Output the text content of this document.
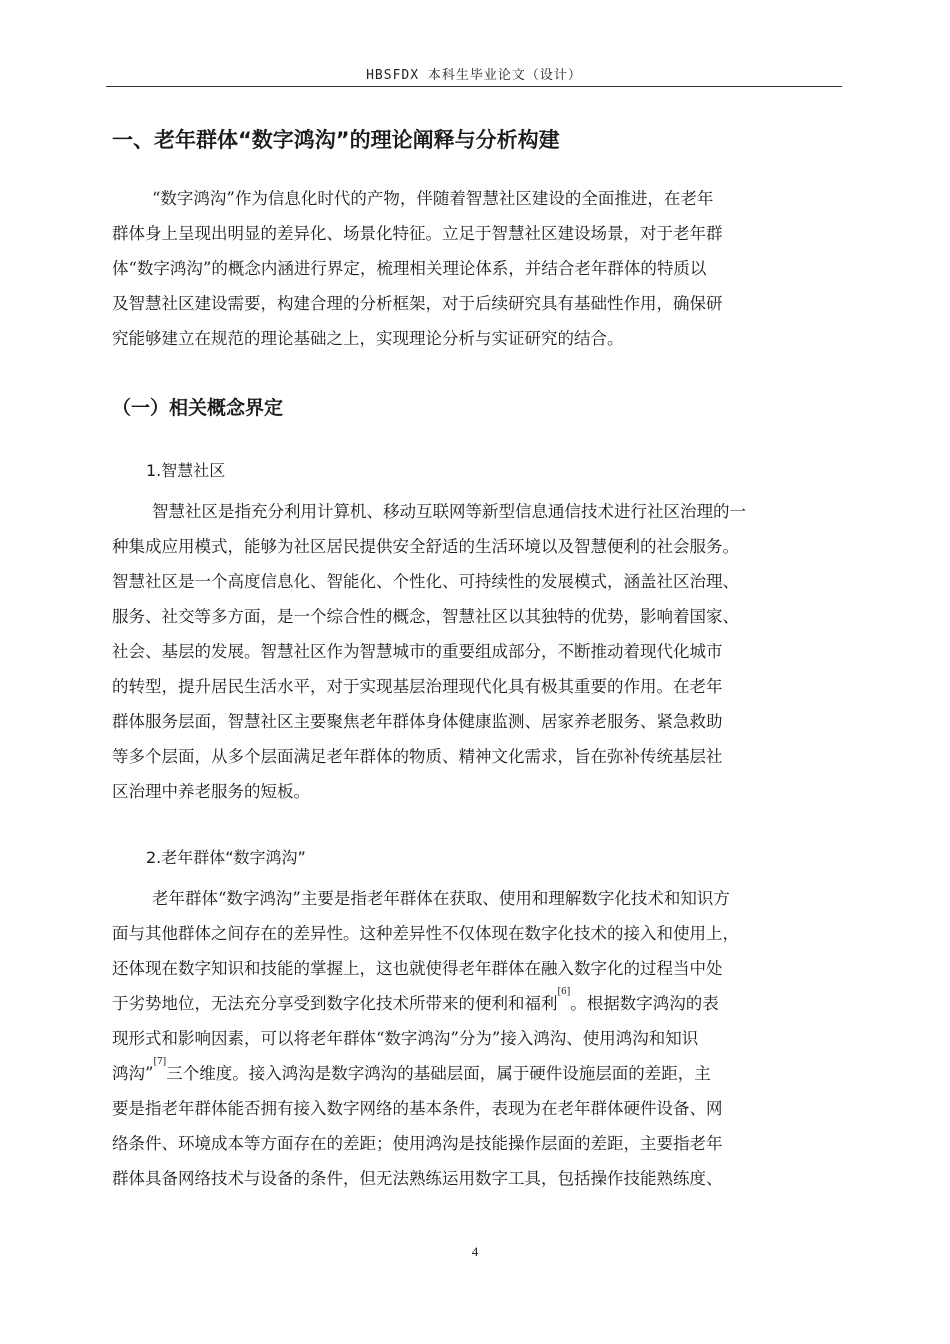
HBSFDX 本科生毕业论文（设计）
一、老年群体“数字鸿沟”的理论阐释与分析构建
“数字鸿沟”作为信息化时代的产物，伴随着智慧社区建设的全面推进，在老年
群体身上呈现出明显的差异化、场景化特征。立足于智慧社区建设场景，对于老年群
体“数字鸿沟”的概念内涵进行界定，梳理相关理论体系，并结合老年群体的特质以
及智慧社区建设需要，构建合理的分析框架，对于后续研究具有基础性作用，确保研
究能够建立在规范的理论基础之上，实现理论分析与实证研究的结合。
（一）相关概念界定
1.智慧社区
智慧社区是指充分利用计算机、移动互联网等新型信息通信技术进行社区治理的一
种集成应用模式，能够为社区居民提供安全舒适的生活环境以及智慧便利的社会服务。
智慧社区是一个高度信息化、智能化、个性化、可持续性的发展模式，涵盖社区治理、
服务、社交等多方面，是一个综合性的概念，智慧社区以其独特的优势，影响着国家、
社会、基层的发展。智慧社区作为智慧城市的重要组成部分，不断推动着现代化城市
的转型，提升居民生活水平，对于实现基层治理现代化具有极其重要的作用。在老年
群体服务层面，智慧社区主要聚焦老年群体身体健康监测、居家养老服务、紧急救助
等多个层面，从多个层面满足老年群体的物质、精神文化需求，旨在弥补传统基层社
区治理中养老服务的短板。
2.老年群体“数字鸿沟”
老年群体“数字鸿沟”主要是指老年群体在获取、使用和理解数字化技术和知识方
面与其他群体之间存在的差异性。这种差异性不仅体现在数字化技术的接入和使用上，
还体现在数字知识和技能的掌握上，这也就使得老年群体在融入数字化的过程当中处
于劣势地位，无法充分享受到数字化技术所带来的便利和福利[6]。根据数字鸿沟的表
现形式和影响因素，可以将老年群体“数字鸿沟”分为”接入鸿沟、使用鸿沟和知识
鸿沟”[7]三个维度。接入鸿沟是数字鸿沟的基础层面，属于硬件设施层面的差距，主
要是指老年群体能否拥有接入数字网络的基本条件，表现为在老年群体硬件设备、网
络条件、环境成本等方面存在的差距；使用鸿沟是技能操作层面的差距，主要指老年
群体具备网络技术与设备的条件，但无法熟练运用数字工具，包括操作技能熟练度、
4
